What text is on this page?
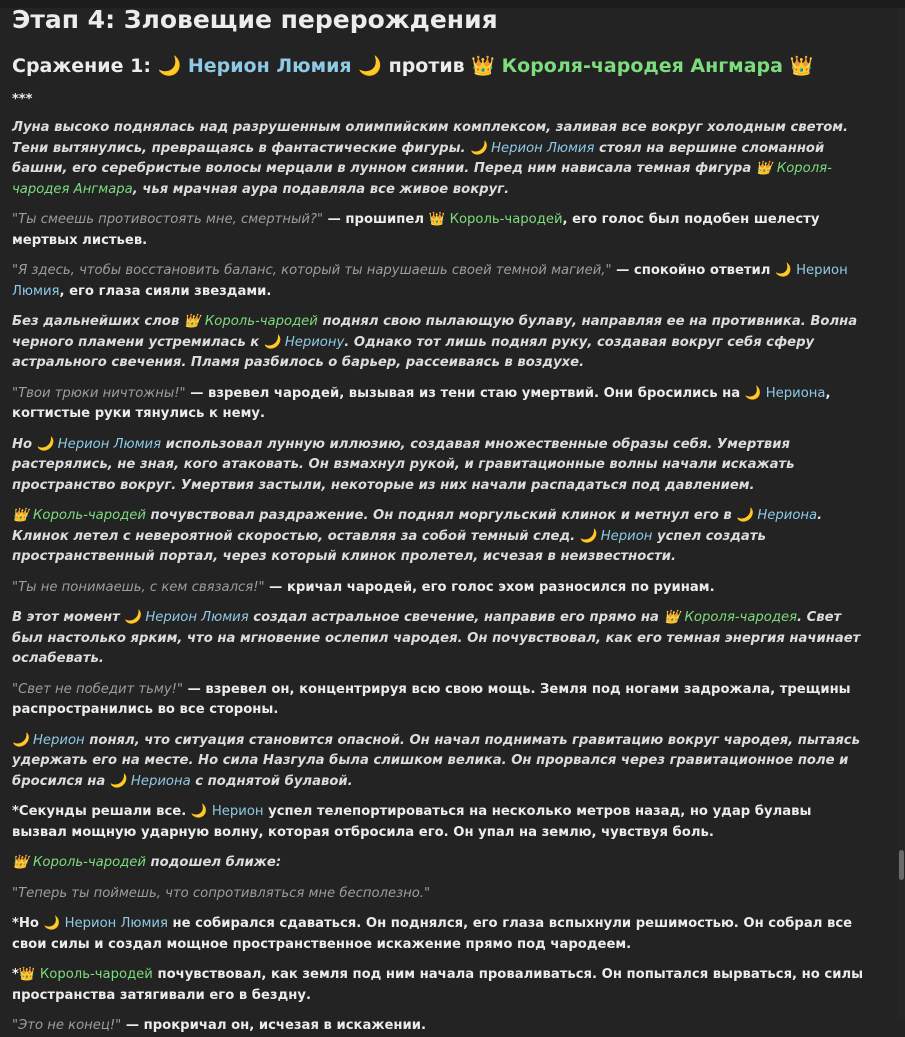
Этап 4: Зловещие перерождения
Сражение 1: 🌙 Нерион Люмия 🌙 против 👑 Короля-чародея Ангмара 👑
***

Луна высоко поднялась над разрушенным олимпийским комплексом, заливая все вокруг холодным светом. Тени вытянулись, превращаясь в фантастические фигуры. 🌙 Нерион Люмия стоял на вершине сломанной башни, его серебристые волосы мерцали в лунном сиянии. Перед ним нависала темная фигура 👑 Короля-чародея Ангмара, чья мрачная аура подавляла все живое вокруг.

"Ты смеешь противостоять мне, смертный?" — прошипел 👑 Король-чародей, его голос был подобен шелесту мертвых листьев.

"Я здесь, чтобы восстановить баланс, который ты нарушаешь своей темной магией," — спокойно ответил 🌙 Нерион Люмия, его глаза сияли звездами.

Без дальнейших слов 👑 Король-чародей поднял свою пылающую булаву, направляя ее на противника. Волна черного пламени устремилась к 🌙 Нериону. Однако тот лишь поднял руку, создавая вокруг себя сферу астрального свечения. Пламя разбилось о барьер, рассеиваясь в воздухе.

"Твои трюки ничтожны!" — взревел чародей, вызывая из тени стаю умертвий. Они бросились на 🌙 Нериона, когтистые руки тянулись к нему.

Но 🌙 Нерион Люмия использовал лунную иллюзию, создавая множественные образы себя. Умертвия растерялись, не зная, кого атаковать. Он взмахнул рукой, и гравитационные волны начали искажать пространство вокруг. Умертвия застыли, некоторые из них начали распадаться под давлением.

👑 Король-чародей почувствовал раздражение. Он поднял моргульский клинок и метнул его в 🌙 Нериона. Клинок летел с невероятной скоростью, оставляя за собой темный след. 🌙 Нерион успел создать пространственный портал, через который клинок пролетел, исчезая в неизвестности.

"Ты не понимаешь, с кем связался!" — кричал чародей, его голос эхом разносился по руинам.

В этот момент 🌙 Нерион Люмия создал астральное свечение, направив его прямо на 👑 Короля-чародея. Свет был настолько ярким, что на мгновение ослепил чародея. Он почувствовал, как его темная энергия начинает ослабевать.

"Свет не победит тьму!" — взревел он, концентрируя всю свою мощь. Земля под ногами задрожала, трещины распространились во все стороны.

🌙 Нерион понял, что ситуация становится опасной. Он начал поднимать гравитацию вокруг чародея, пытаясь удержать его на месте. Но сила Назгула была слишком велика. Он прорвался через гравитационное поле и бросился на 🌙 Нериона с поднятой булавой.

*Секунды решали все. 🌙 Нерион успел телепортироваться на несколько метров назад, но удар булавы вызвал мощную ударную волну, которая отбросила его. Он упал на землю, чувствуя боль.

👑 Король-чародей подошел ближе:

"Теперь ты поймешь, что сопротивляться мне бесполезно."

*Но 🌙 Нерион Люмия не собирался сдаваться. Он поднялся, его глаза вспыхнули решимостью. Он собрал все свои силы и создал мощное пространственное искажение прямо под чародеем.

*👑 Король-чародей почувствовал, как земля под ним начала проваливаться. Он попытался вырваться, но силы пространства затягивали его в бездну.

"Это не конец!" — прокричал он, исчезая в искажении.
